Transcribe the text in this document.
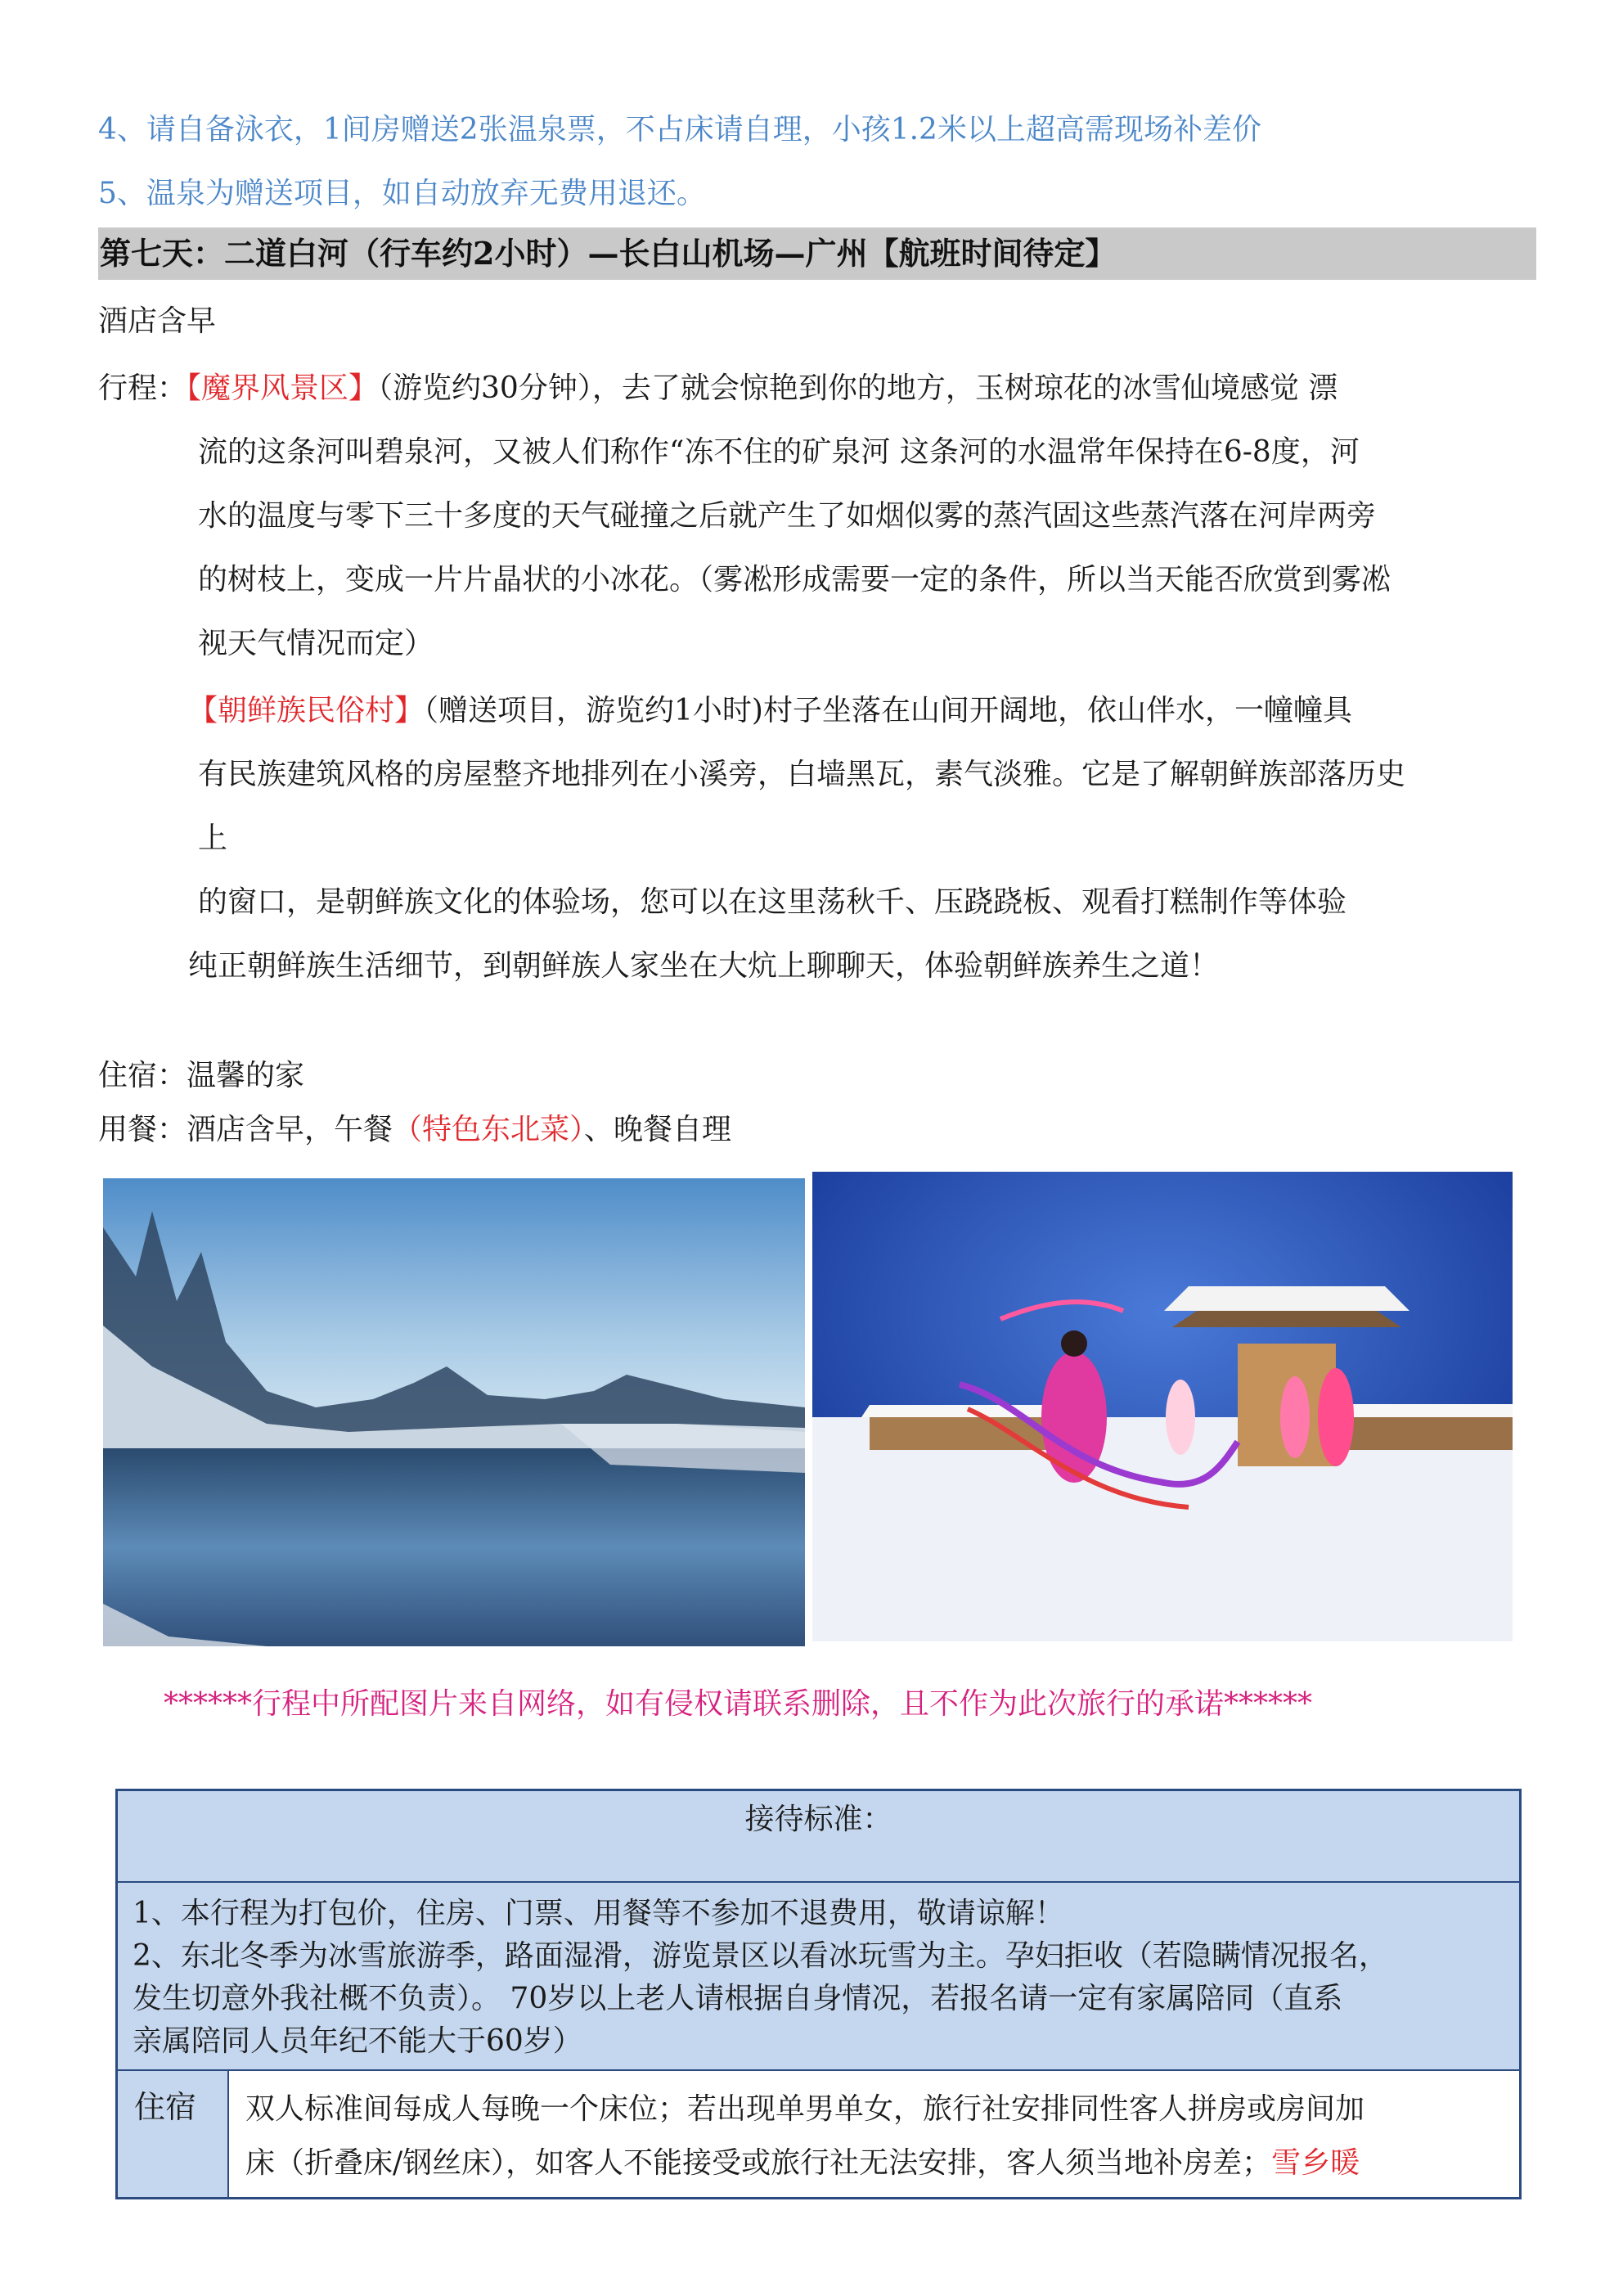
4、请自备泳衣，1间房赠送2张温泉票，不占床请自理，小孩1.2米以上超高需现场补差价
5、温泉为赠送项目，如自动放弃无费用退还。
第七天：二道白河（行车约2小时）—长白山机场—广州【航班时间待定】
酒店含早
行程：【魔界风景区】（游览约30分钟），去了就会惊艳到你的地方，玉树琼花的冰雪仙境感觉 漂
流的这条河叫碧泉河，又被人们称作“冻不住的矿泉河 这条河的水温常年保持在6-8度，河
水的温度与零下三十多度的天气碰撞之后就产生了如烟似雾的蒸汽固这些蒸汽落在河岸两旁
的树枝上，变成一片片晶状的小冰花。（雾凇形成需要一定的条件，所以当天能否欣赏到雾凇
视天气情况而定）
【朝鲜族民俗村】（赠送项目，游览约1小时)村子坐落在山间开阔地，依山伴水，一幢幢具
有民族建筑风格的房屋整齐地排列在小溪旁，白墙黑瓦，素气淡雅。它是了解朝鲜族部落历史
上
的窗口，是朝鲜族文化的体验场，您可以在这里荡秋千、压跷跷板、观看打糕制作等体验
纯正朝鲜族生活细节，到朝鲜族人家坐在大炕上聊聊天，体验朝鲜族养生之道！
住宿：温馨的家
用餐：酒店含早，午餐（特色东北菜）、晚餐自理
******行程中所配图片来自网络，如有侵权请联系删除，且不作为此次旅行的承诺******
接待标准：
1、本行程为打包价，住房、门票、用餐等不参加不退费用，敬请谅解！
2、东北冬季为冰雪旅游季，路面湿滑，游览景区以看冰玩雪为主。孕妇拒收（若隐瞒情况报名，
发生切意外我社概不负责）。 70岁以上老人请根据自身情况，若报名请一定有家属陪同（直系
亲属陪同人员年纪不能大于60岁）
住宿	双人标准间每成人每晚一个床位；若出现单男单女，旅行社安排同性客人拼房或房间加
床（折叠床/钢丝床），如客人不能接受或旅行社无法安排，客人须当地补房差；雪乡暖
